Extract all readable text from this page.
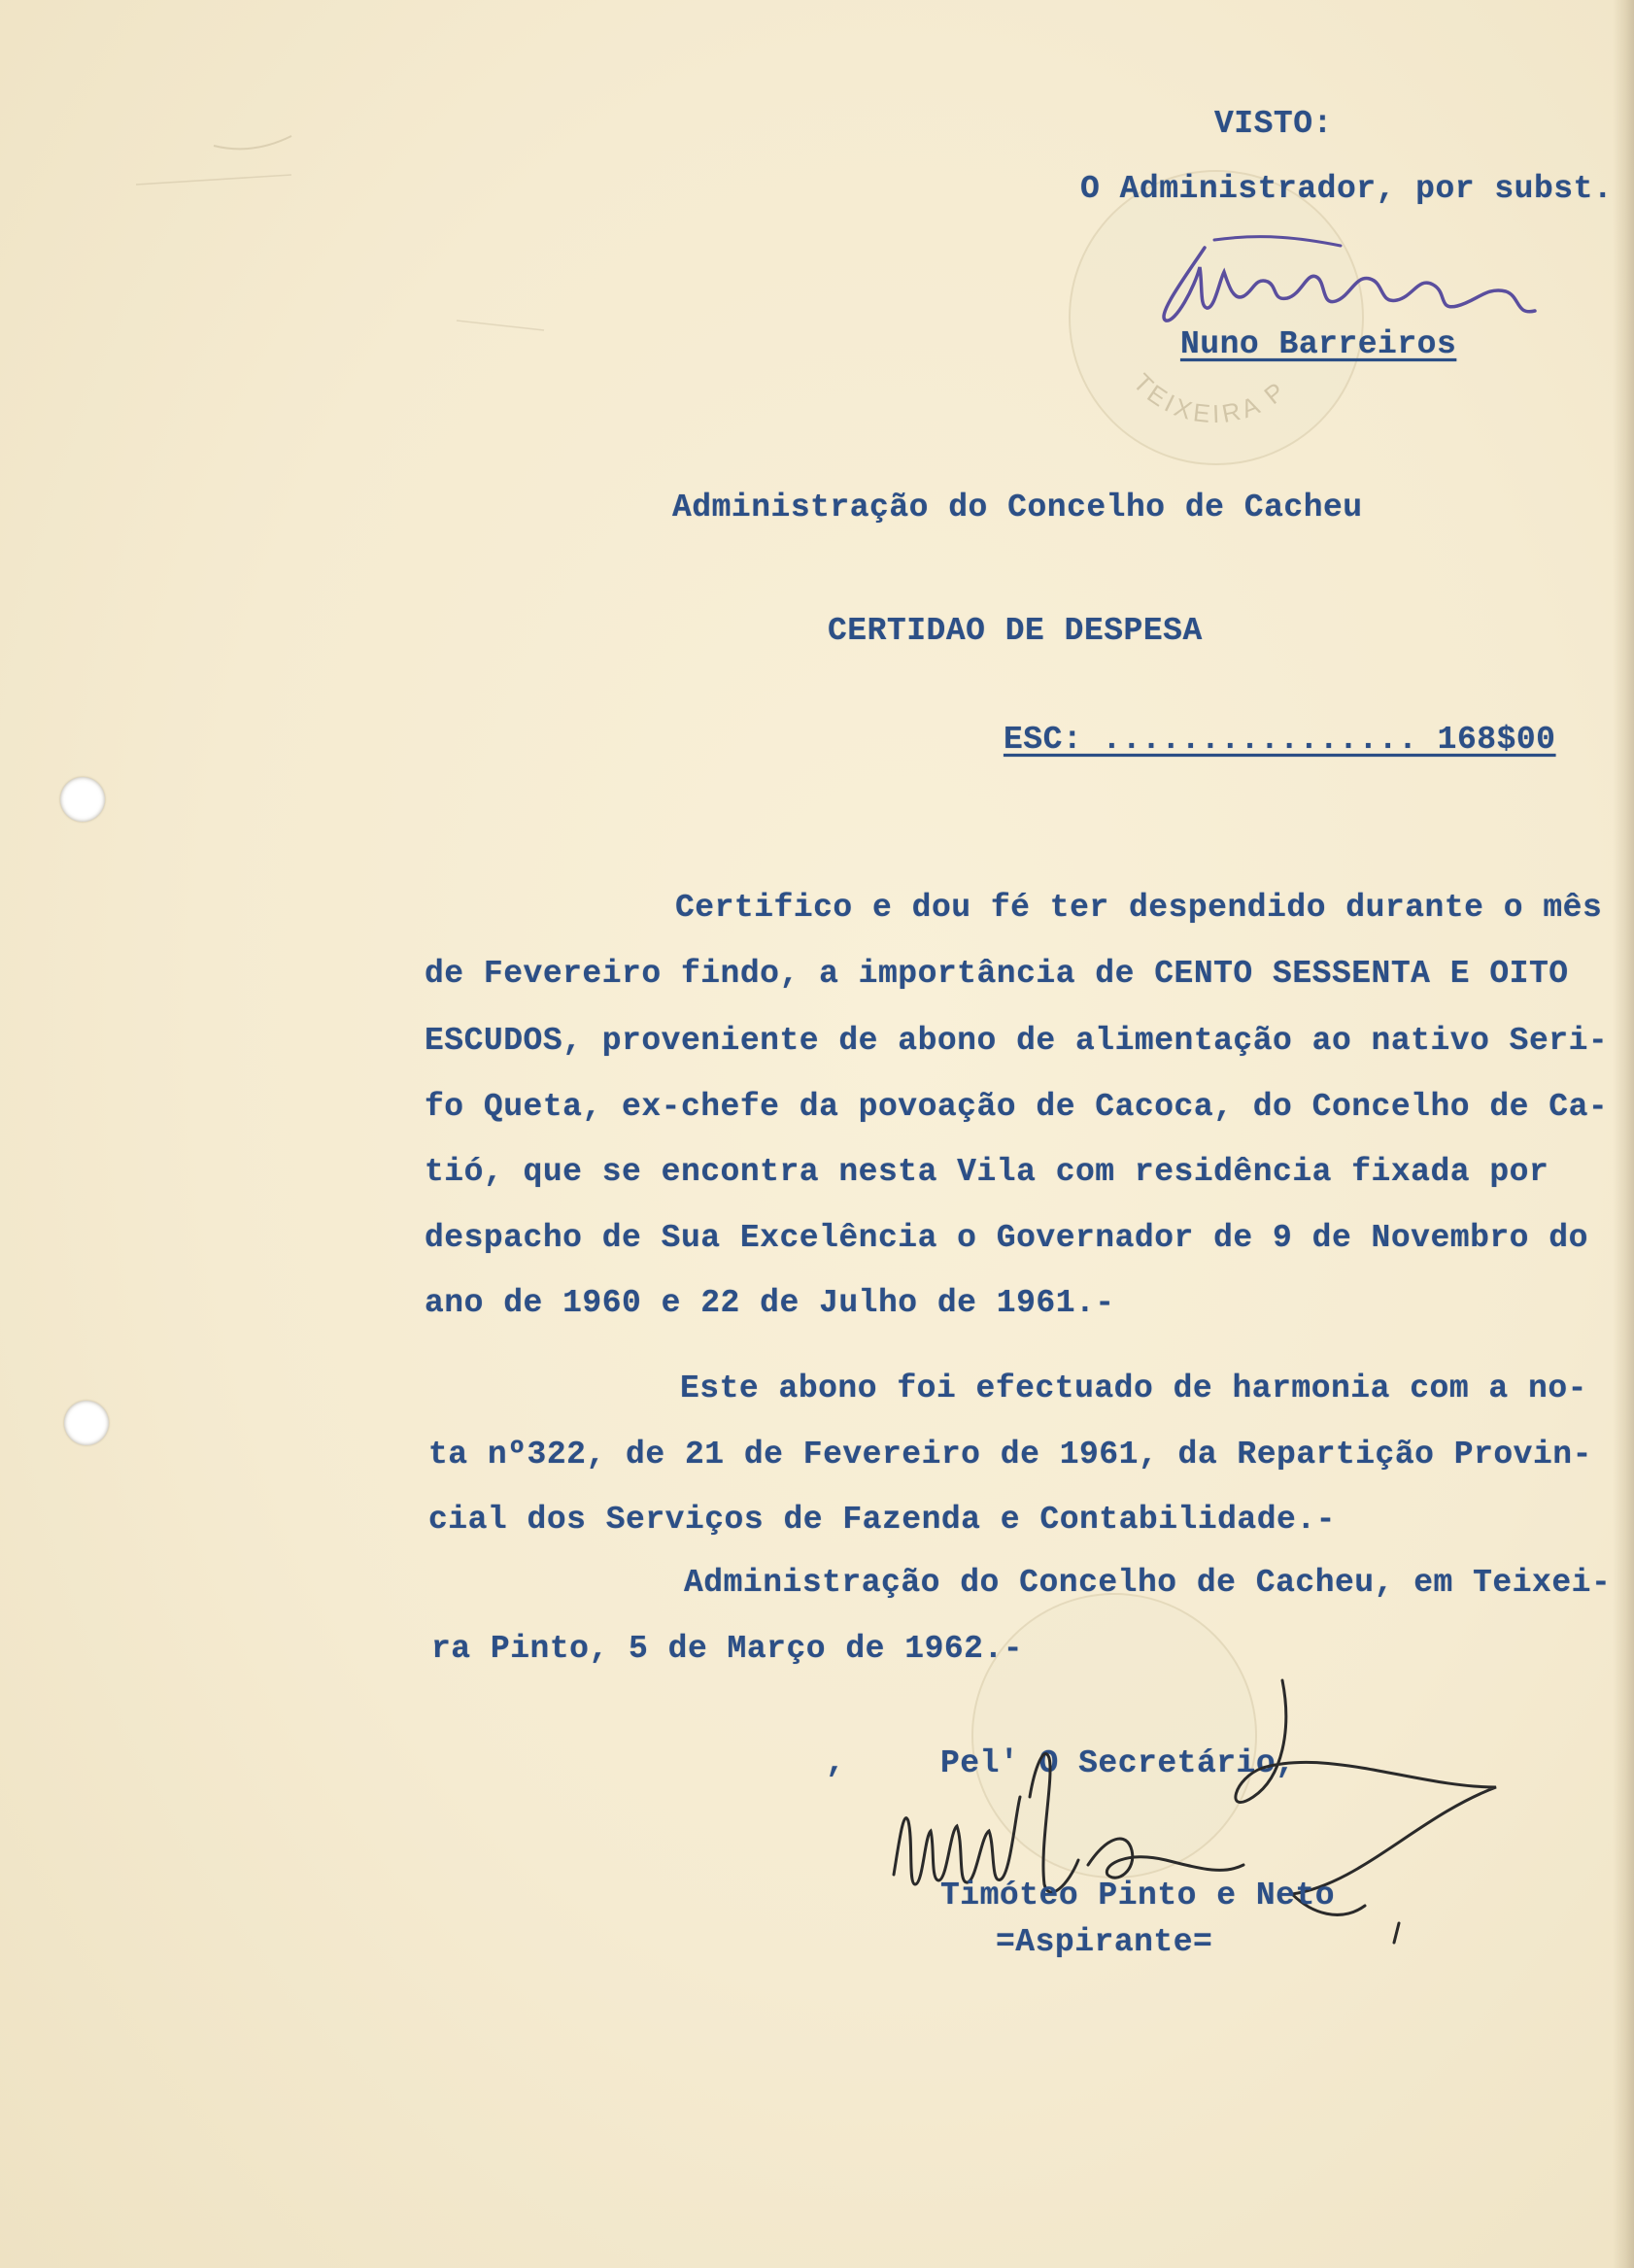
TEIXEIRA P

VISTO:

O Administrador, por subst.

Nuno Barreiros

Administração do Concelho de Cacheu

CERTIDAO DE DESPESA

ESC: ................ 168$00

Certifico e dou fé ter despendido durante o mês

de Fevereiro findo, a importância de CENTO SESSENTA E OITO

ESCUDOS, proveniente de abono de alimentação ao nativo Seri-

fo Queta, ex-chefe da povoação de Cacoca, do Concelho de Ca-

tió, que se encontra nesta Vila com residência fixada por

despacho de Sua Excelência o Governador de 9 de Novembro do

ano de 1960 e 22 de Julho de 1961.-

Este abono foi efectuado de harmonia com a no-

ta nº322, de 21 de Fevereiro de 1961, da Repartição Provin-

cial dos Serviços de Fazenda e Contabilidade.-

Administração do Concelho de Cacheu, em Teixei-

ra Pinto, 5 de Março de 1962.-

,	Pel' O Secretário,

Timóteo Pinto e Neto

=Aspirante=
